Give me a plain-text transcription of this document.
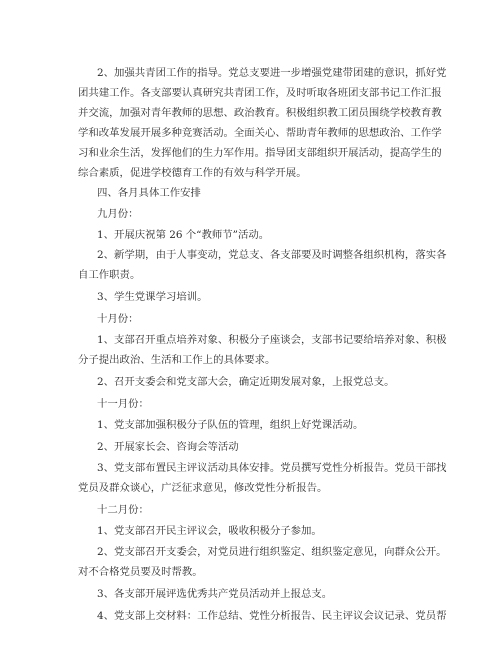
2、加强共青团工作的指导。党总支要进一步增强党建带团建的意识，抓好党
团共建工作。各支部要认真研究共青团工作，及时听取各班团支部书记工作汇报
并交流，加强对青年教师的思想、政治教育。积极组织教工团员围绕学校教育教
学和改革发展开展多种竞赛活动。全面关心、帮助青年教师的思想政治、工作学
习和业余生活，发挥他们的生力军作用。指导团支部组织开展活动，提高学生的
综合素质，促进学校德育工作的有效与科学开展。
四、各月具体工作安排
九月份：
1、开展庆祝第 26 个“教师节”活动。
2、新学期，由于人事变动，党总支、各支部要及时调整各组织机构，落实各
自工作职责。
3、学生党课学习培训。
十月份：
1、支部召开重点培养对象、积极分子座谈会，支部书记要给培养对象、积极
分子提出政治、生活和工作上的具体要求。
2、召开支委会和党支部大会，确定近期发展对象，上报党总支。
十一月份：
1、党支部加强积极分子队伍的管理，组织上好党课活动。
2、开展家长会、咨询会等活动
3、党支部布置民主评议活动具体安排。党员撰写党性分析报告。党员干部找
党员及群众谈心，广泛征求意见，修改党性分析报告。
十二月份：
1、党支部召开民主评议会，吸收积极分子参加。
2、党支部召开支委会，对党员进行组织鉴定、组织鉴定意见，向群众公开。
对不合格党员要及时帮教。
3、各支部开展评选优秀共产党员活动并上报总支。
4、党支部上交材料：工作总结、党性分析报告、民主评议会议记录、党员帮
